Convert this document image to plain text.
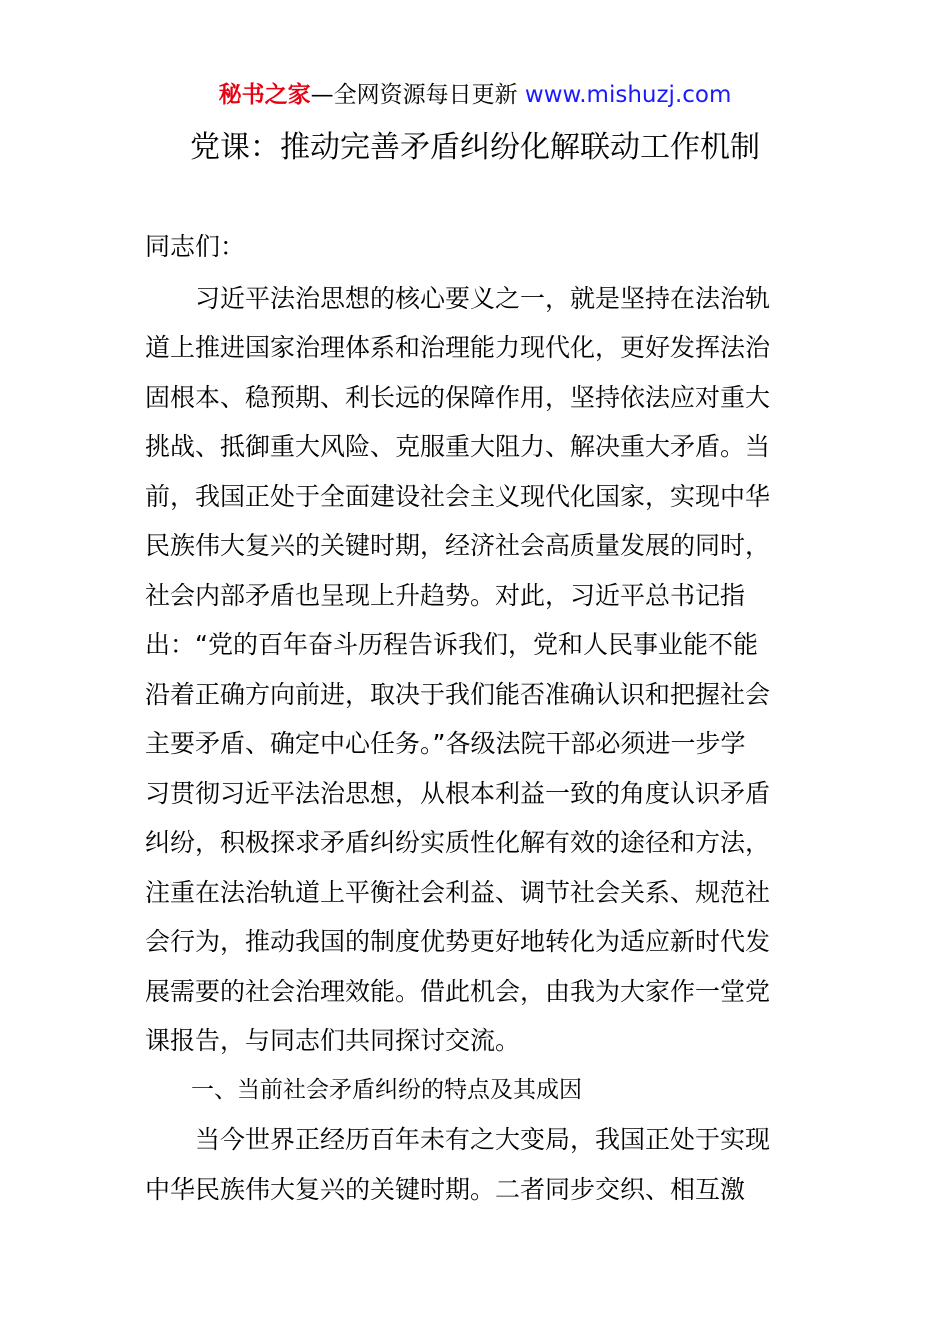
秘书之家—全网资源每日更新 www.mishuzj.com
党课：推动完善矛盾纠纷化解联动工作机制
同志们：
　　习近平法治思想的核心要义之一，就是坚持在法治轨
道上推进国家治理体系和治理能力现代化，更好发挥法治
固根本、稳预期、利长远的保障作用，坚持依法应对重大
挑战、抵御重大风险、克服重大阻力、解决重大矛盾。当
前，我国正处于全面建设社会主义现代化国家，实现中华
民族伟大复兴的关键时期，经济社会高质量发展的同时，
社会内部矛盾也呈现上升趋势。对此，习近平总书记指
出：“党的百年奋斗历程告诉我们，党和人民事业能不能
沿着正确方向前进，取决于我们能否准确认识和把握社会
主要矛盾、确定中心任务。”各级法院干部必须进一步学
习贯彻习近平法治思想，从根本利益一致的角度认识矛盾
纠纷，积极探求矛盾纠纷实质性化解有效的途径和方法，
注重在法治轨道上平衡社会利益、调节社会关系、规范社
会行为，推动我国的制度优势更好地转化为适应新时代发
展需要的社会治理效能。借此机会，由我为大家作一堂党
课报告，与同志们共同探讨交流。
　　一、当前社会矛盾纠纷的特点及其成因
　　当今世界正经历百年未有之大变局，我国正处于实现
中华民族伟大复兴的关键时期。二者同步交织、相互激
